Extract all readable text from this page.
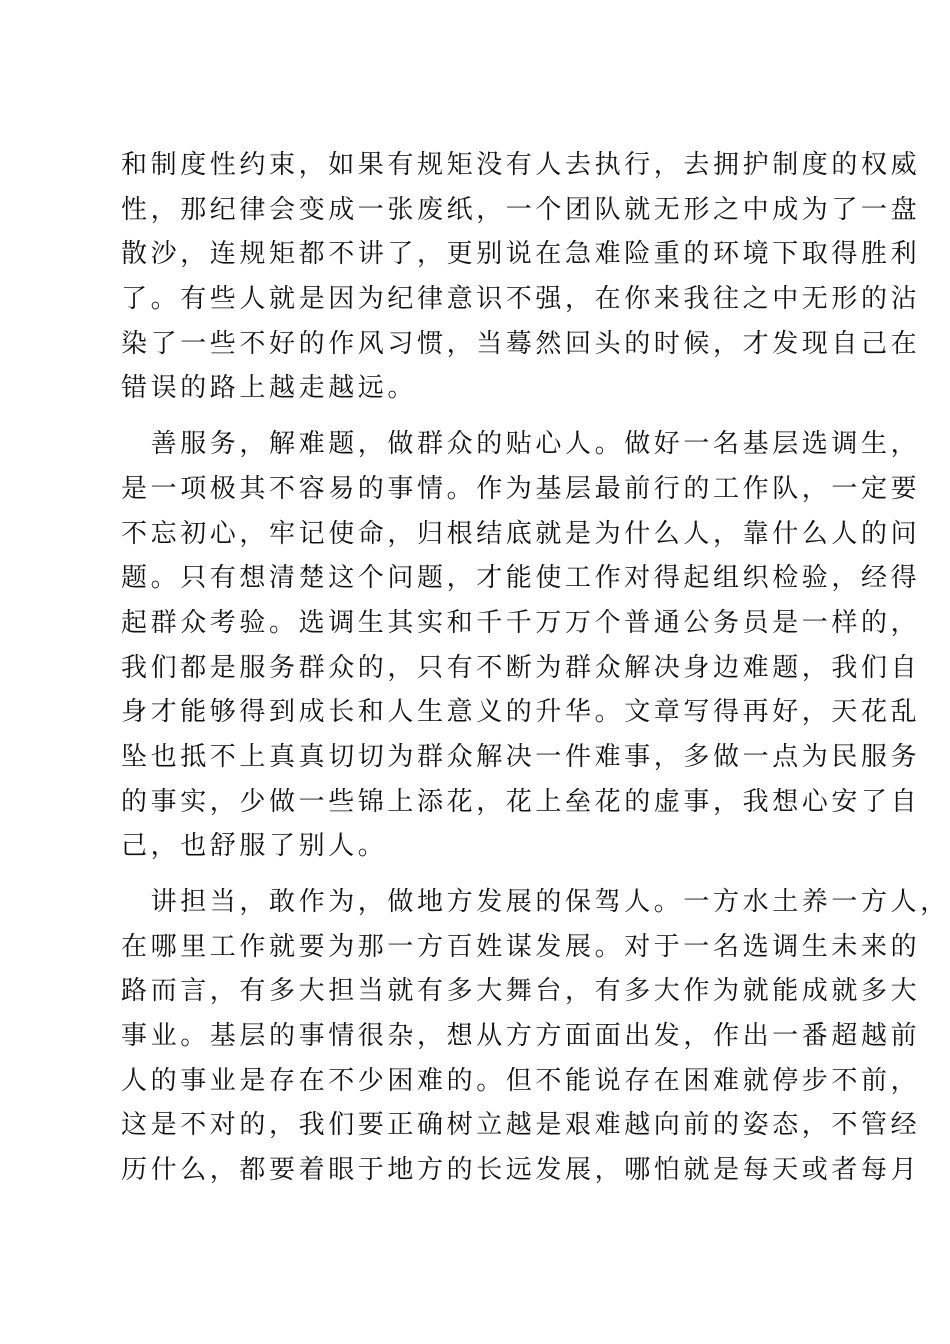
和制度性约束，如果有规矩没有人去执行，去拥护制度的权威
性，那纪律会变成一张废纸，一个团队就无形之中成为了一盘
散沙，连规矩都不讲了，更别说在急难险重的环境下取得胜利
了。有些人就是因为纪律意识不强，在你来我往之中无形的沾
染了一些不好的作风习惯，当蓦然回头的时候，才发现自己在
错误的路上越走越远。
　善服务，解难题，做群众的贴心人。做好一名基层选调生，
是一项极其不容易的事情。作为基层最前行的工作队，一定要
不忘初心，牢记使命，归根结底就是为什么人，靠什么人的问
题。只有想清楚这个问题，才能使工作对得起组织检验，经得
起群众考验。选调生其实和千千万万个普通公务员是一样的，
我们都是服务群众的，只有不断为群众解决身边难题，我们自
身才能够得到成长和人生意义的升华。文章写得再好，天花乱
坠也抵不上真真切切为群众解决一件难事，多做一点为民服务
的事实，少做一些锦上添花，花上垒花的虚事，我想心安了自
己，也舒服了别人。
　讲担当，敢作为，做地方发展的保驾人。一方水土养一方人，
在哪里工作就要为那一方百姓谋发展。对于一名选调生未来的
路而言，有多大担当就有多大舞台，有多大作为就能成就多大
事业。基层的事情很杂，想从方方面面出发，作出一番超越前
人的事业是存在不少困难的。但不能说存在困难就停步不前，
这是不对的，我们要正确树立越是艰难越向前的姿态，不管经
历什么，都要着眼于地方的长远发展，哪怕就是每天或者每月
